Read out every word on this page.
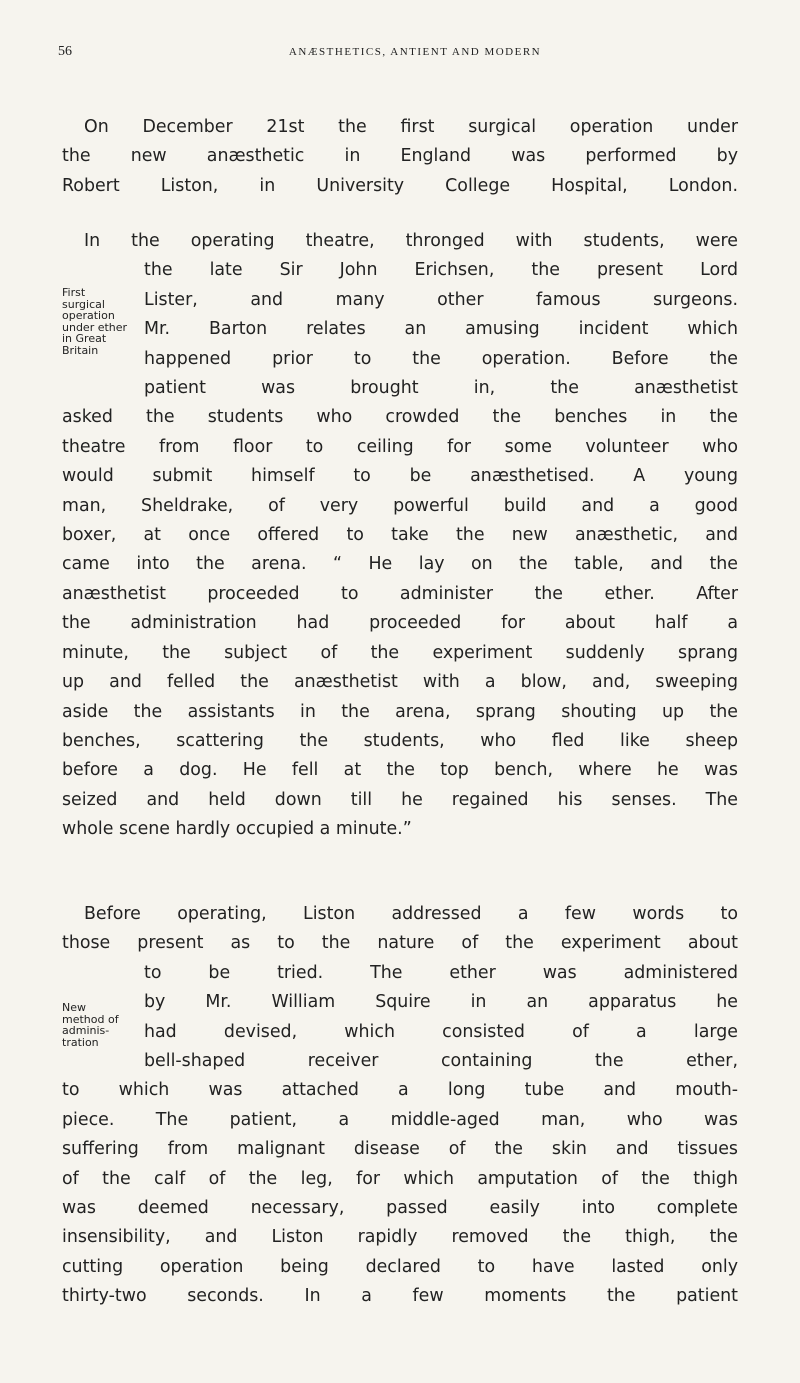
56	ANÆSTHETICS, ANTIENT AND MODERN
On December 21st the first surgical operation under
the new anæsthetic in England was performed by
Robert Liston, in University College Hospital, London.
In the operating theatre, thronged with students, were
the late Sir John Erichsen, the present Lord
Lister, and many other famous surgeons.
Mr. Barton relates an amusing incident which
happened prior to the operation. Before the
patient was brought in, the anæsthetist
asked the students who crowded the benches in the
theatre from floor to ceiling for some volunteer who
would submit himself to be anæsthetised. A young
man, Sheldrake, of very powerful build and a good
boxer, at once offered to take the new anæsthetic, and
came into the arena. “ He lay on the table, and the
anæsthetist proceeded to administer the ether. After
the administration had proceeded for about half a
minute, the subject of the experiment suddenly sprang
up and felled the anæsthetist with a blow, and, sweeping
aside the assistants in the arena, sprang shouting up the
benches, scattering the students, who fled like sheep
before a dog. He fell at the top bench, where he was
seized and held down till he regained his senses. The
whole scene hardly occupied a minute.”
Before operating, Liston addressed a few words to
those present as to the nature of the experiment about
to be tried. The ether was administered
by Mr. William Squire in an apparatus he
had devised, which consisted of a large
bell-shaped receiver containing the ether,
to which was attached a long tube and mouth-
piece. The patient, a middle-aged man, who was
suffering from malignant disease of the skin and tissues
of the calf of the leg, for which amputation of the thigh
was deemed necessary, passed easily into complete
insensibility, and Liston rapidly removed the thigh, the
cutting operation being declared to have lasted only
thirty-two seconds. In a few moments the patient
First
surgical
operation
under ether
in Great
Britain
New
method of
adminis-
tration
